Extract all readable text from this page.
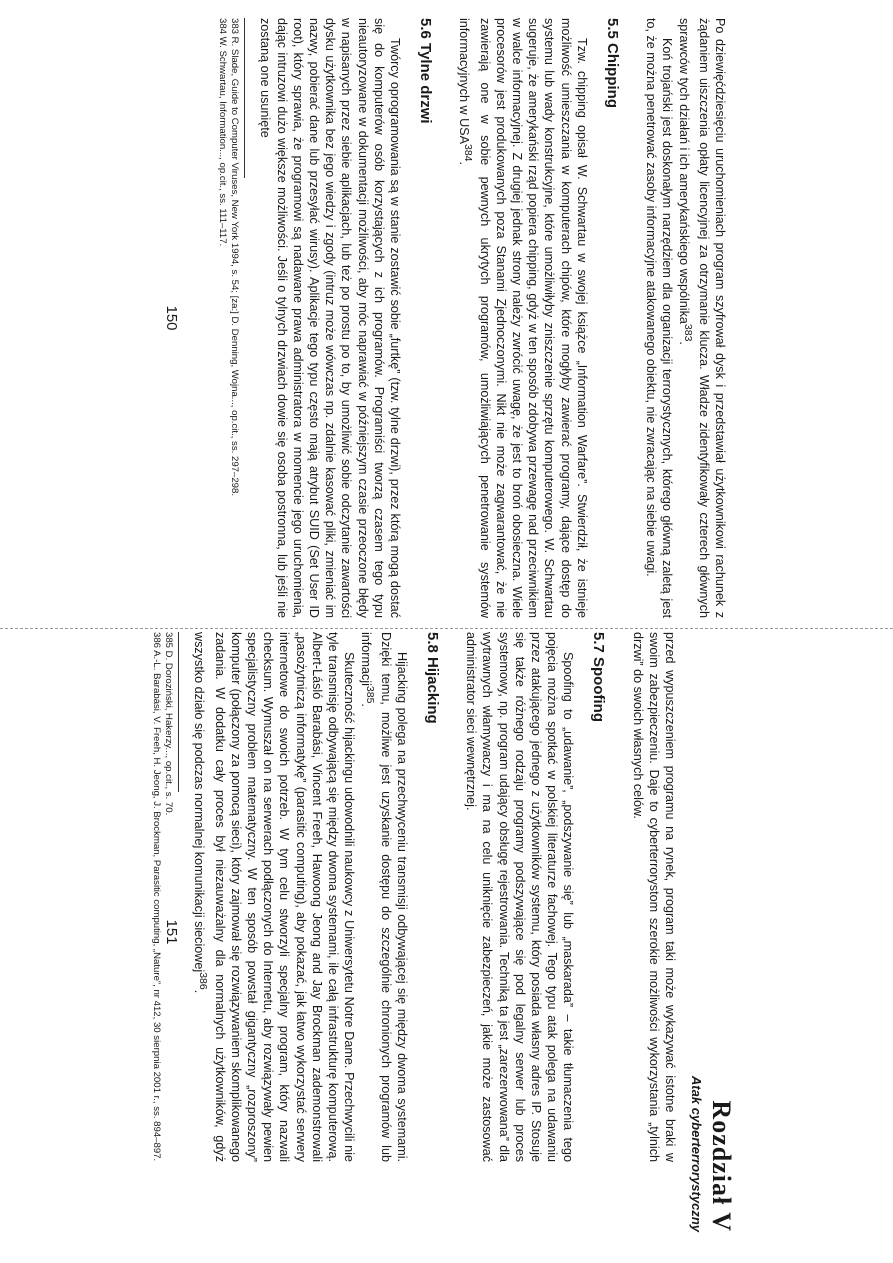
Po dziewięćdziesięciu uruchomieniach program szyfrował dysk i przedstawiał użytkownikowi rachunek z żądaniem uiszczenia opłaty licencyjnej za otrzymanie klucza. Władze zidentyfikowały czterech głównych sprawców tych działań i ich amerykańskiego wspólnika$^{383}$.

Koń trojański jest doskonałym narzędziem dla organizacji terrorystycznych, którego główną zaletą jest to, że można penetrować zasoby informacyjne atakowanego obiektu, nie zwracając na siebie uwagi.

5.5 Chipping

Tzw. chipping opisał W. Schwartau w swojej książce „Information Warfare”. Stwierdził, że istnieje możliwość umieszczania w komputerach chipów, które mogłyby zawierać programy, dające dostęp do systemu lub wady konstrukcyjne, które umożliwiłyby zniszczenie sprzętu komputerowego. W. Schwartau sugeruje, że amerykański rząd popiera chipping, gdyż w ten sposób zdobywa przewagę nad przeciwnikiem w walce informacyjnej. Z drugiej jednak strony należy zwrócić uwagę, że jest to broń obosieczna. Wiele procesorów jest produkowanych poza Stanami Zjednoczonymi. Nikt nie może zagwarantować, że nie zawierają one w sobie pewnych ukrytych programów, umożliwiających penetrowanie systemów informacyjnych w USA$^{384}$.

5.6 Tylne drzwi

Twórcy oprogramowania są w stanie zostawić sobie „furtkę” (tzw. tylne drzwi), przez którą mogą dostać się do komputerów osób korzystających z ich programów. Programiści tworzą czasem tego typu nieautoryzowane w dokumentacji możliwości, aby móc naprawiać w późniejszym czasie przeoczone błędy w napisanych przez siebie aplikacjach, lub też po prostu po to, by umożliwić sobie odczytanie zawartości dysku użytkownika bez jego wiedzy i zgody (intruz może wówczas np. zdalnie kasować pliki, zmieniać im nazwy, pobierać dane lub przesyłać wirusy). Aplikacje tego typu często mają atrybut SUID (Set User ID root), który sprawia, że programowi są nadawane prawa administratora w momencie jego uruchomienia, dając intruzowi dużo większe możliwości. Jeśli o tylnych drzwiach dowie się osoba postronna, lub jeśli nie zostaną one usunięte

383 R. Slade, Guide to Computer Viruses, New York 1994, s. 54; [za:] D. Denning, Wojna..., op.cit., ss. 297–298.

384 W. Schwartau, Information..., op.cit., ss. 111–117.

150
Rozdział V
Atak cyberterrorystyczny

przed wypuszczeniem programu na rynek, program taki może wykazywać istotne braki w swoim zabezpieczeniu. Daje to cyberterrorystom szerokie możliwości wykorzystania „tylnich drzwi” do swoich własnych celów.

5.7 Spoofing

Spoofing to „udawanie”, „podszywanie się” lub „maskarada” – takie tłumaczenia tego pojęcia można spotkać w polskiej literaturze fachowej. Tego typu atak polega na udawaniu przez atakującego jednego z użytkowników systemu, który posiada własny adres IP. Stosuje się także różnego rodzaju programy podszywające się pod legalny serwer lub proces systemowy, np. program udający obsługę rejestrowania. Techniką ta jest „zarezerwowana” dla wytrawnych włamywaczy i ma na celu uniknięcie zabezpieczeń, jakie może zastosować administrator sieci wewnętrznej.

5.8 Hijacking

Hijacking polega na przechwyceniu transmisji odbywającej się między dwoma systemami. Dzięki temu, możliwe jest uzyskanie dostępu do szczególnie chronionych programów lub informacji$^{385}$.

Skuteczność hijackingu udowodnili naukowcy z Uniwersytetu Notre Dame. Przechwycili nie tyle transmisję odbywającą się między dwoma systemami, ile całą infrastrukturę komputerową. Albert-Lásló Barabási, Vincent Freeh, Hawoong Jeong and Jay Brockman zademonstrowali „pasożytniczą informatykę” (parasitic computing), aby pokazać, jak łatwo wykorzystać serwery internetowe do swoich potrzeb. W tym celu stworzyli specjalny program, który nazwali checksum. Wymuszał on na serwerach podłączonych do Internetu, aby rozwiązywały pewien specjalistyczny problem matematyczny. W ten sposób powstał gigantyczny „rozproszony” komputer (połączony za pomocą sieci), który zajmował się rozwiązywaniem skomplikowanego zadania. W dodatku cały proces był niezauważalny dla normalnych użytkowników, gdyż wszystko działo się podczas normalnej komunikacji sieciowej$^{386}$.

385 D. Doroziński, Hakerzy..., op.cit., s. 70.

386 A.-L. Barabási, V. Freeh, H. Jeong, J. Brockman, Parasitic computing, „Nature”, nr 412, 30 sierpnia 2001 r., ss. 894–897. 151
